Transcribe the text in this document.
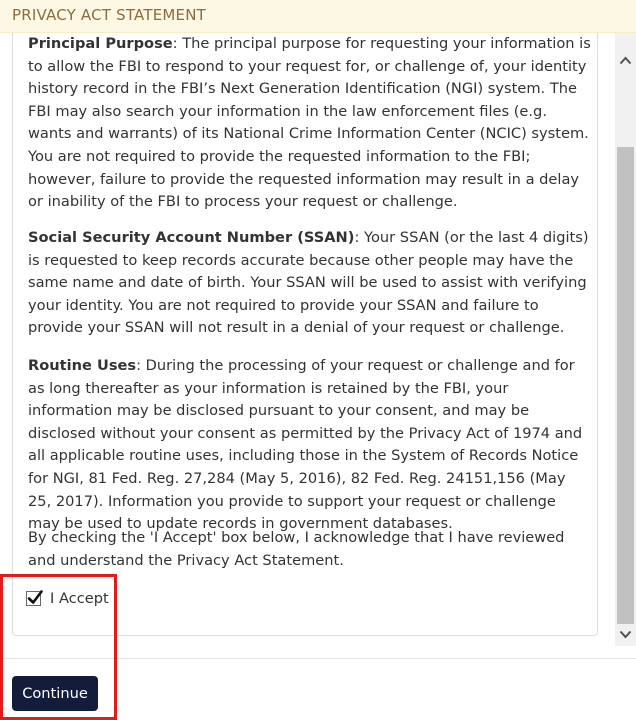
PRIVACY ACT STATEMENT

Principal Purpose: The principal purpose for requesting your information is to allow the FBI to respond to your request for, or challenge of, your identity history record in the FBI’s Next Generation Identification (NGI) system. The FBI may also search your information in the law enforcement files (e.g. wants and warrants) of its National Crime Information Center (NCIC) system. You are not required to provide the requested information to the FBI; however, failure to provide the requested information may result in a delay or inability of the FBI to process your request or challenge.

Social Security Account Number (SSAN): Your SSAN (or the last 4 digits) is requested to keep records accurate because other people may have the same name and date of birth. Your SSAN will be used to assist with verifying your identity. You are not required to provide your SSAN and failure to provide your SSAN will not result in a denial of your request or challenge.

Routine Uses: During the processing of your request or challenge and for as long thereafter as your information is retained by the FBI, your information may be disclosed pursuant to your consent, and may be disclosed without your consent as permitted by the Privacy Act of 1974 and all applicable routine uses, including those in the System of Records Notice for NGI, 81 Fed. Reg. 27,284 (May 5, 2016), 82 Fed. Reg. 24151,156 (May 25, 2017). Information you provide to support your request or challenge may be used to update records in government databases.

By checking the 'I Accept' box below, I acknowledge that I have reviewed and understand the Privacy Act Statement.

I Accept
Continue
